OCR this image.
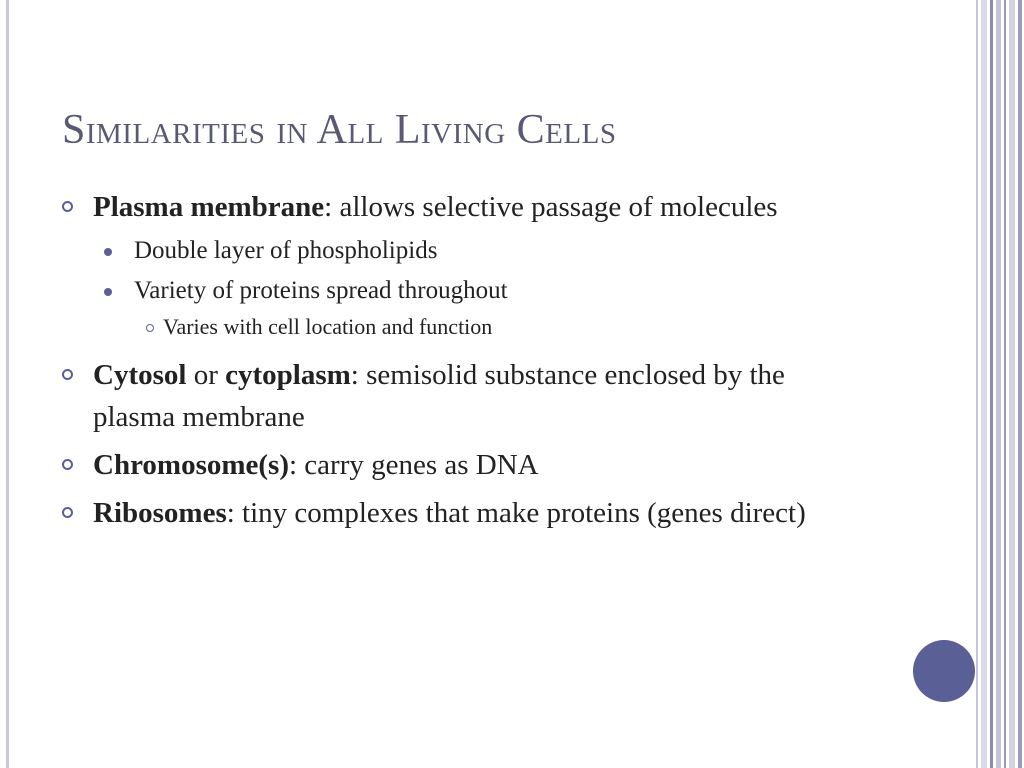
Similarities in All Living Cells

Plasma membrane: allows selective passage of molecules

Double layer of phospholipids

Variety of proteins spread throughout

Varies with cell location and function

Cytosol or cytoplasm: semisolid substance enclosed by the plasma membrane

Chromosome(s): carry genes as DNA

Ribosomes: tiny complexes that make proteins (genes direct)
